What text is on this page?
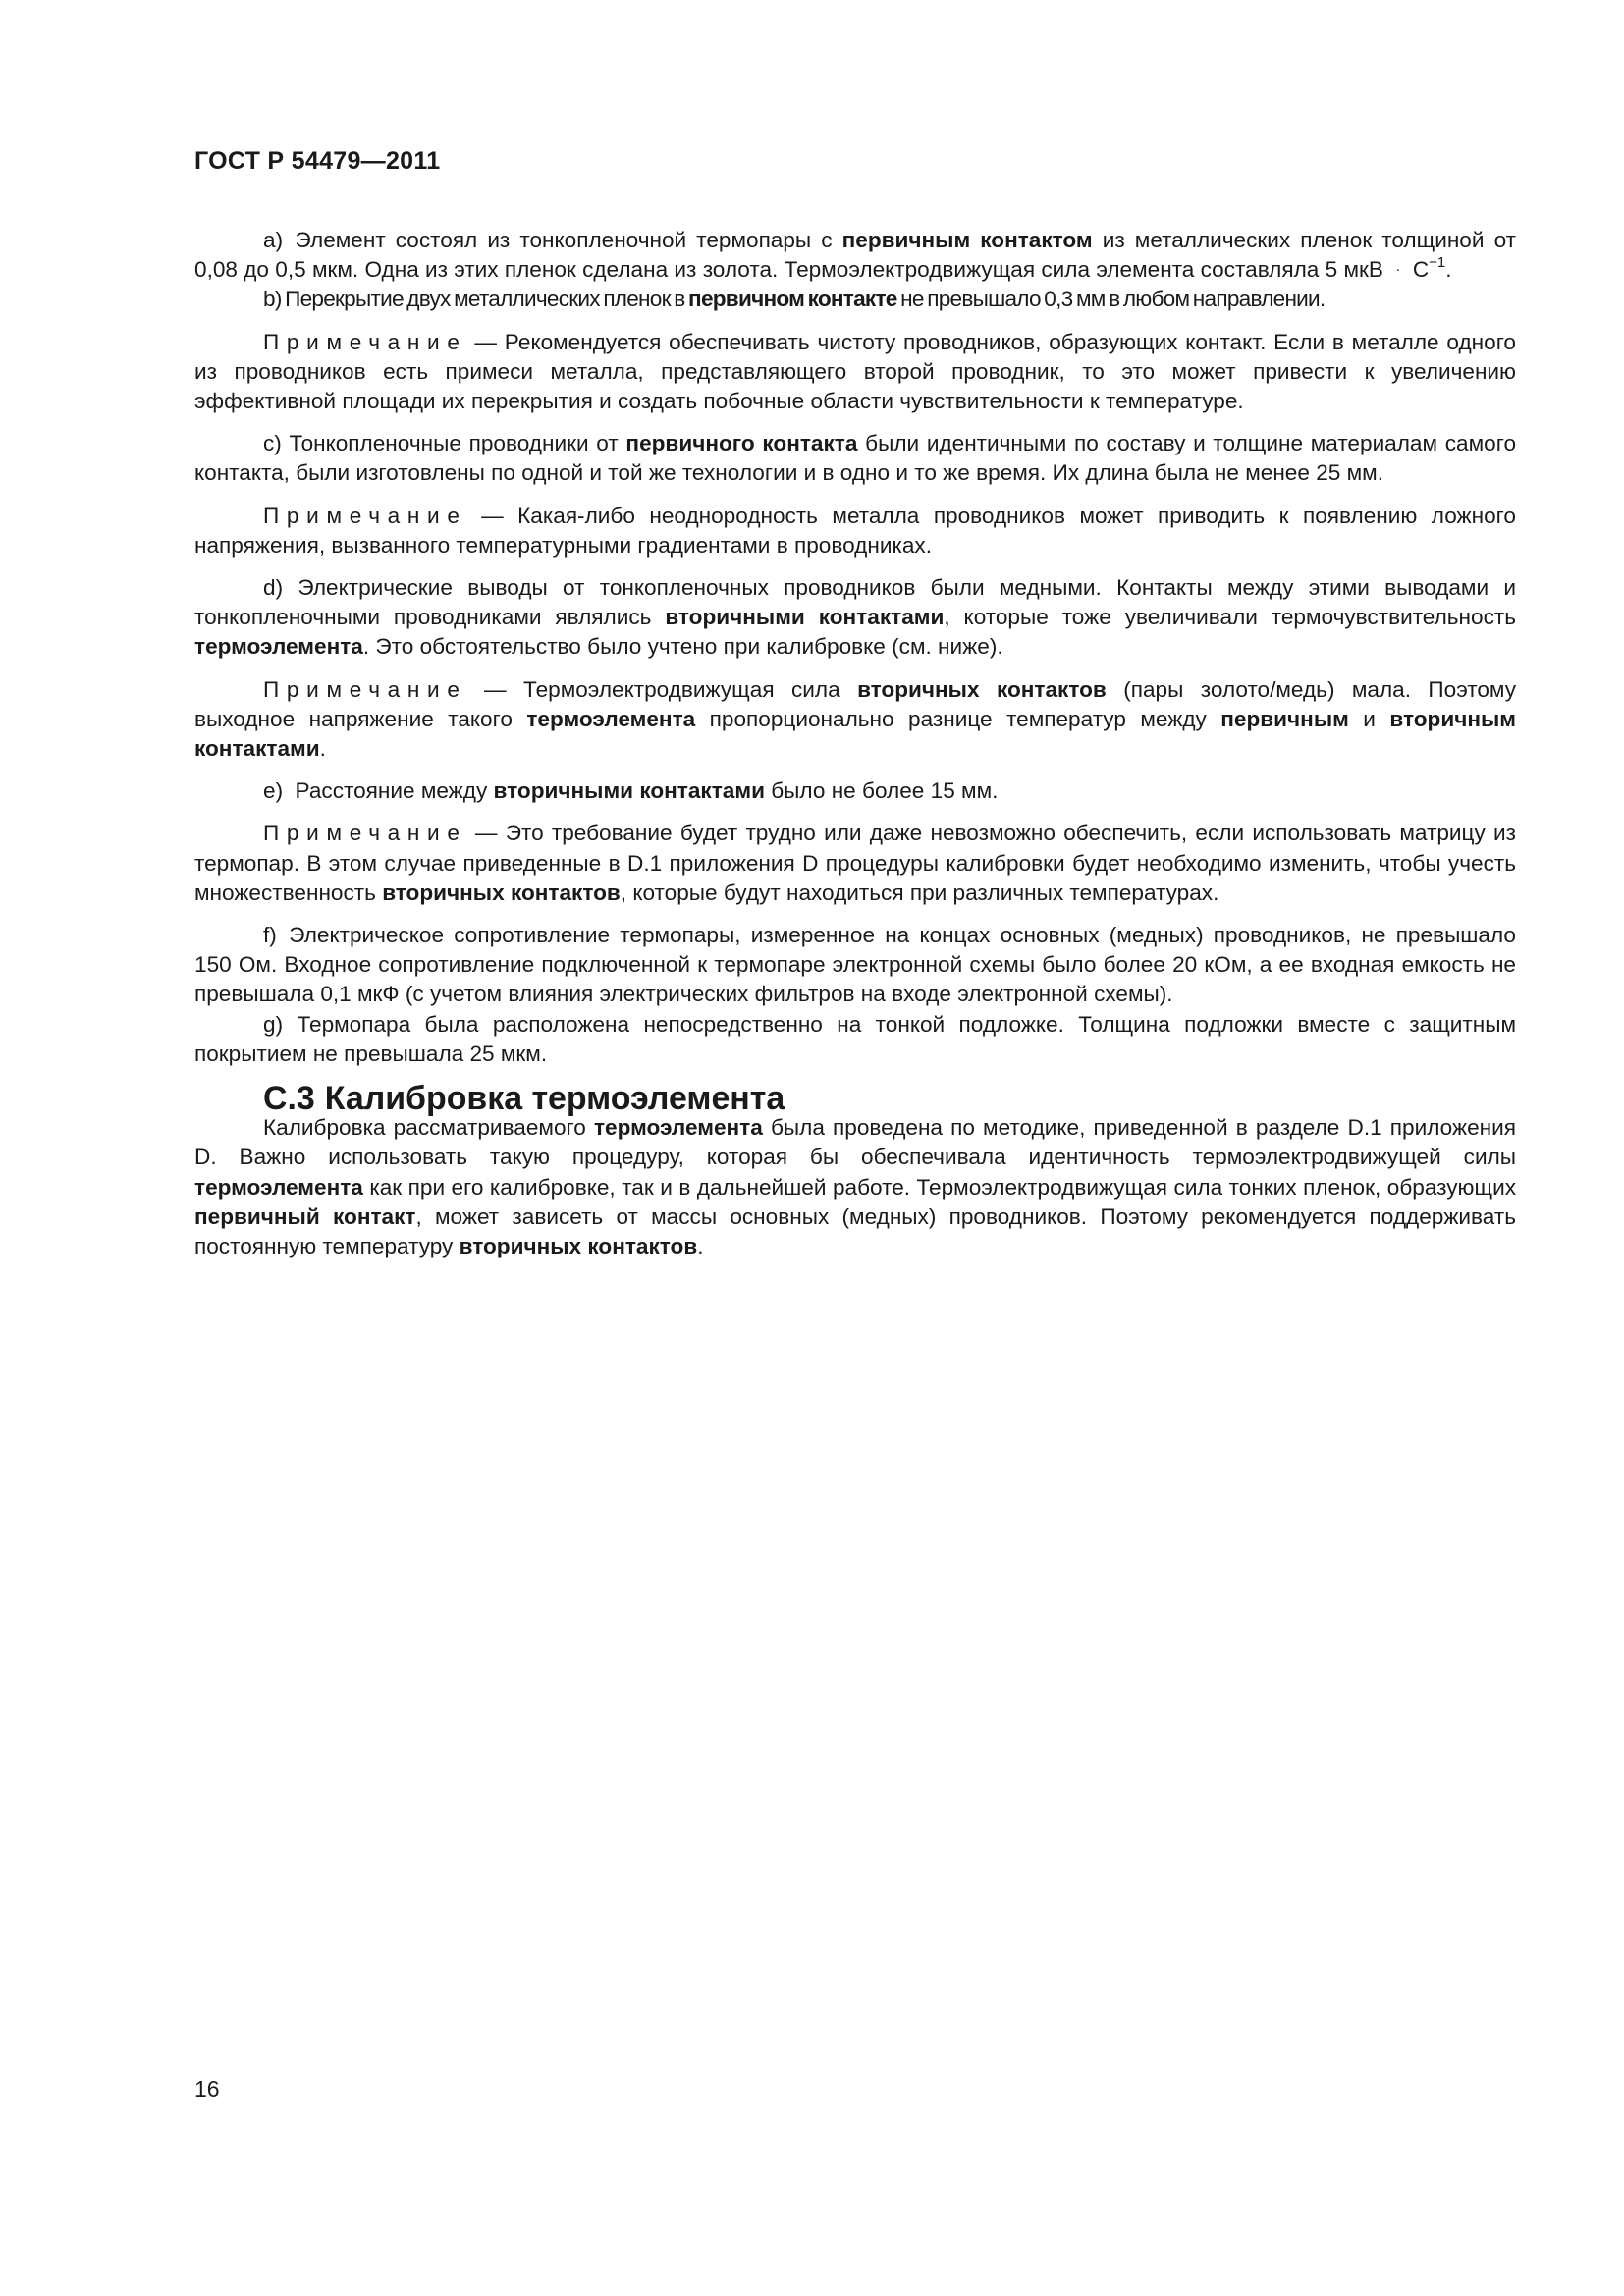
ГОСТ Р 54479—2011

a) Элемент состоял из тонкопленочной термопары с первичным контактом из металлических пленок толщиной от 0,08 до 0,5 мкм. Одна из этих пленок сделана из золота. Термоэлектродвижущая сила элемента составляла 5 мкВ · $C^{-1}$.

b) Перекрытие двух металлических пленок в первичном контакте не превышало 0,3 мм в любом направлении.

Примечание — Рекомендуется обеспечивать чистоту проводников, образующих контакт. Если в металле одного из проводников есть примеси металла, представляющего второй проводник, то это может привести к увеличению эффективной площади их перекрытия и создать побочные области чувствительности к температуре.

c) Тонкопленочные проводники от первичного контакта были идентичными по составу и толщине материалам самого контакта, были изготовлены по одной и той же технологии и в одно и то же время. Их длина была не менее 25 мм.

Примечание — Какая-либо неоднородность металла проводников может приводить к появлению ложного напряжения, вызванного температурными градиентами в проводниках.

d) Электрические выводы от тонкопленочных проводников были медными. Контакты между этими выводами и тонкопленочными проводниками являлись вторичными контактами, которые тоже увеличивали термочувствительность термоэлемента. Это обстоятельство было учтено при калибровке (см. ниже).

Примечание — Термоэлектродвижущая сила вторичных контактов (пары золото/медь) мала. Поэтому выходное напряжение такого термоэлемента пропорционально разнице температур между первичным и вторичным контактами.

e) Расстояние между вторичными контактами было не более 15 мм.

Примечание — Это требование будет трудно или даже невозможно обеспечить, если использовать матрицу из термопар. В этом случае приведенные в D.1 приложения D процедуры калибровки будет необходимо изменить, чтобы учесть множественность вторичных контактов, которые будут находиться при различных температурах.

f) Электрическое сопротивление термопары, измеренное на концах основных (медных) проводников, не превышало 150 Ом. Входное сопротивление подключенной к термопаре электронной схемы было более 20 кОм, а ее входная емкость не превышала 0,1 мкФ (с учетом влияния электрических фильтров на входе электронной схемы).

g) Термопара была расположена непосредственно на тонкой подложке. Толщина подложки вместе с защитным покрытием не превышала 25 мкм.

C.3 Калибровка термоэлемента

Калибровка рассматриваемого термоэлемента была проведена по методике, приведенной в разделе D.1 приложения D. Важно использовать такую процедуру, которая бы обеспечивала идентичность термоэлектродвижущей силы термоэлемента как при его калибровке, так и в дальнейшей работе. Термоэлектродвижущая сила тонких пленок, образующих первичный контакт, может зависеть от массы основных (медных) проводников. Поэтому рекомендуется поддерживать постоянную температуру вторичных контактов.

16
